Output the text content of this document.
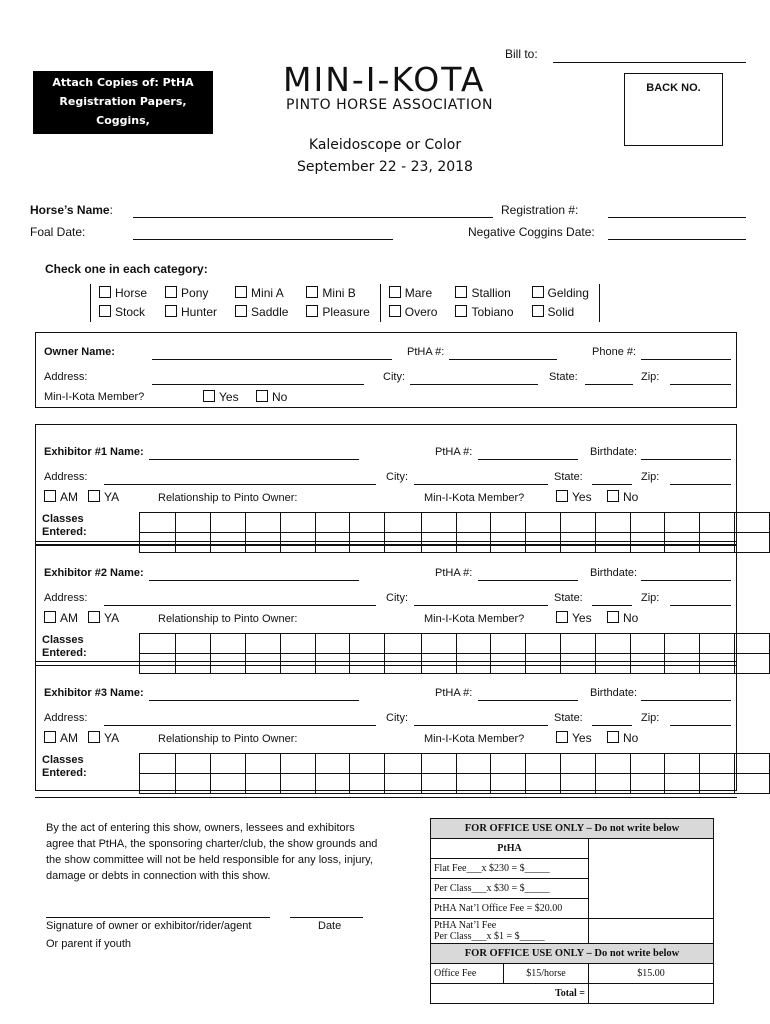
Bill to:
Attach Copies of: PtHA
Registration Papers, Coggins,
PtHA Nat’l Cards
MIN-I-KOTA
PINTO HORSE ASSOCIATION
BACK NO.
Kaleidoscope or Color
September 22 - 23, 2018
Horse’s Name:	Registration #:
Foal Date:	Negative Coggins Date:
Check one in each category:
Horse	Pony	Mini A	Mini B	Mare	Stallion	Gelding
Stock	Hunter	Saddle	Pleasure	Overo	Tobiano	Solid
Owner Name:	PtHA #:	Phone #:
Address:	City:	State:	Zip:
Min-I-Kota Member?	Yes	No
Exhibitor #1 Name:	PtHA #:	Birthdate:
Address:	City:	State:	Zip:
AM	YA	Relationship to Pinto Owner:	Min-I-Kota Member?	Yes	No
Classes
Entered:																		

Exhibitor #2 Name:	PtHA #:	Birthdate:
Address:	City:	State:	Zip:
AM	YA	Relationship to Pinto Owner:	Min-I-Kota Member?	Yes	No
Classes
Entered:																		

Exhibitor #3 Name:	PtHA #:	Birthdate:
Address:	City:	State:	Zip:
AM	YA	Relationship to Pinto Owner:	Min-I-Kota Member?	Yes	No
Classes
Entered:																		

By the act of entering this show, owners, lessees and exhibitors
agree that PtHA, the sponsoring charter/club, the show grounds and
the show committee will not be held responsible for any loss, injury,
damage or debts in connection with this show.
Signature of owner or exhibitor/rider/agent	Date
Or parent if youth
FOR OFFICE USE ONLY – Do not write below		
PtHA		
Flat Fee___x $230 = $_____		
Per Class___x $30 = $_____		
PtHA Nat’l Office Fee = $20.00		

PtHA Nat’l Fee
Per Class___x $1 = $_____		

FOR OFFICE USE ONLY – Do not write below		
Office Fee	$15/horse	$15.00
Total =		
